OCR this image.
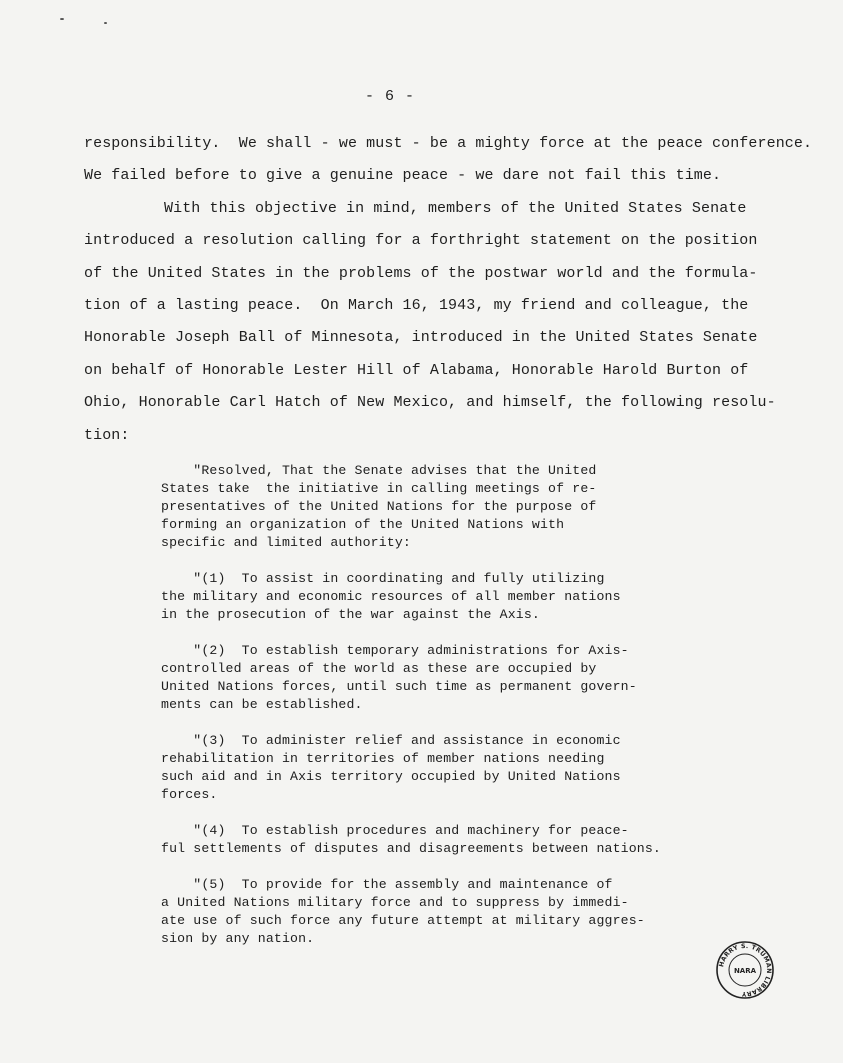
- 6 -
responsibility.  We shall - we must - be a mighty force at the peace conference.
We failed before to give a genuine peace - we dare not fail this time.
With this objective in mind, members of the United States Senate
introduced a resolution calling for a forthright statement on the position
of the United States in the problems of the postwar world and the formula-
tion of a lasting peace.  On March 16, 1943, my friend and colleague, the
Honorable Joseph Ball of Minnesota, introduced in the United States Senate
on behalf of Honorable Lester Hill of Alabama, Honorable Harold Burton of
Ohio, Honorable Carl Hatch of New Mexico, and himself, the following resolu-
tion:
"Resolved, That the Senate advises that the United
States take  the initiative in calling meetings of re-
presentatives of the United Nations for the purpose of
forming an organization of the United Nations with
specific and limited authority:
"(1)  To assist in coordinating and fully utilizing
the military and economic resources of all member nations
in the prosecution of the war against the Axis.
"(2)  To establish temporary administrations for Axis-
controlled areas of the world as these are occupied by
United Nations forces, until such time as permanent govern-
ments can be established.
"(3)  To administer relief and assistance in economic
rehabilitation in territories of member nations needing
such aid and in Axis territory occupied by United Nations
forces.
"(4)  To establish procedures and machinery for peace-
ful settlements of disputes and disagreements between nations.
"(5)  To provide for the assembly and maintenance of
a United Nations military force and to suppress by immedi-
ate use of such force any future attempt at military aggres-
sion by any nation.
HARRY S. TRUMAN LIBRARY
NARA
